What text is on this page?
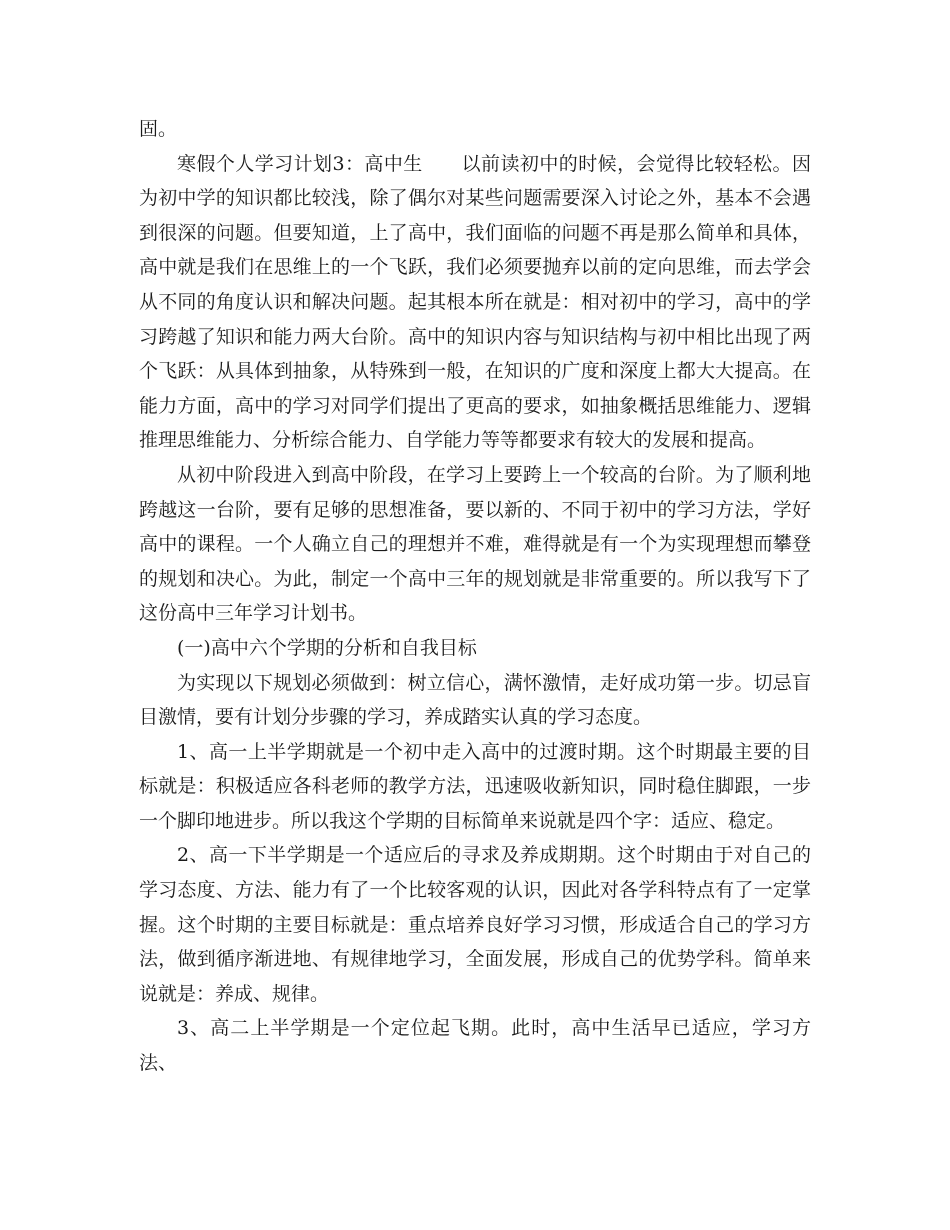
固。

寒假个人学习计划3：高中生　　以前读初中的时候，会觉得比较轻松。因为初中学的知识都比较浅，除了偶尔对某些问题需要深入讨论之外，基本不会遇到很深的问题。但要知道，上了高中，我们面临的问题不再是那么简单和具体，高中就是我们在思维上的一个飞跃，我们必须要抛弃以前的定向思维，而去学会从不同的角度认识和解决问题。起其根本所在就是：相对初中的学习，高中的学习跨越了知识和能力两大台阶。高中的知识内容与知识结构与初中相比出现了两个飞跃：从具体到抽象，从特殊到一般，在知识的广度和深度上都大大提高。在能力方面，高中的学习对同学们提出了更高的要求，如抽象概括思维能力、逻辑推理思维能力、分析综合能力、自学能力等等都要求有较大的发展和提高。

从初中阶段进入到高中阶段，在学习上要跨上一个较高的台阶。为了顺利地跨越这一台阶，要有足够的思想准备，要以新的、不同于初中的学习方法，学好高中的课程。一个人确立自己的理想并不难，难得就是有一个为实现理想而攀登的规划和决心。为此，制定一个高中三年的规划就是非常重要的。所以我写下了这份高中三年学习计划书。

(一)高中六个学期的分析和自我目标

为实现以下规划必须做到：树立信心，满怀激情，走好成功第一步。切忌盲目激情，要有计划分步骤的学习，养成踏实认真的学习态度。

1、高一上半学期就是一个初中走入高中的过渡时期。这个时期最主要的目标就是：积极适应各科老师的教学方法，迅速吸收新知识，同时稳住脚跟，一步一个脚印地进步。所以我这个学期的目标简单来说就是四个字：适应、稳定。

2、高一下半学期是一个适应后的寻求及养成期期。这个时期由于对自己的学习态度、方法、能力有了一个比较客观的认识，因此对各学科特点有了一定掌握。这个时期的主要目标就是：重点培养良好学习习惯，形成适合自己的学习方法，做到循序渐进地、有规律地学习，全面发展，形成自己的优势学科。简单来说就是：养成、规律。

3、高二上半学期是一个定位起飞期。此时，高中生活早已适应，学习方法、
